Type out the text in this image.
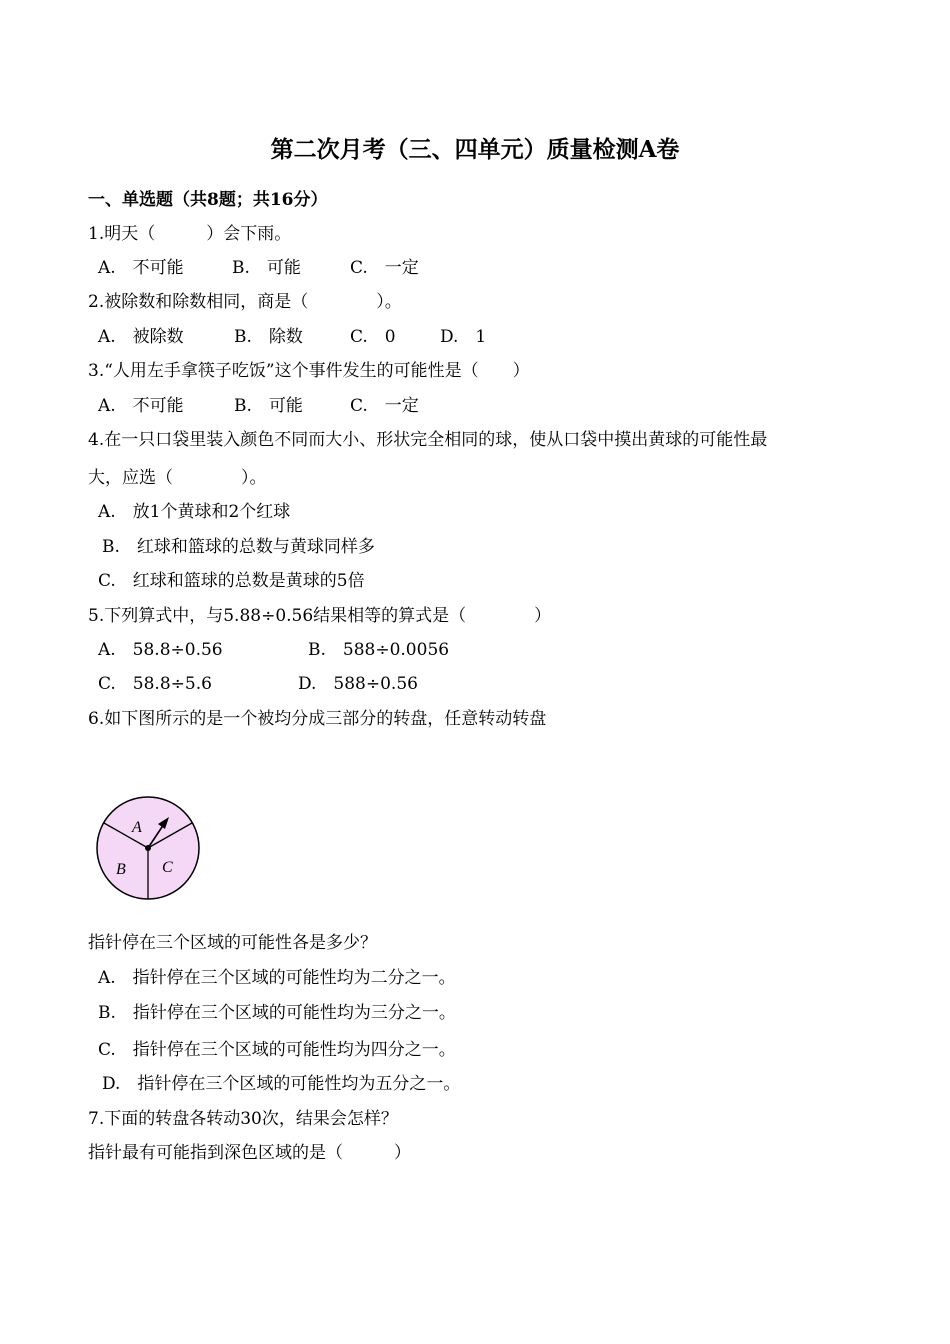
第二次月考（三、四单元）质量检测A卷
一、单选题（共8题；共16分）
1.明天（　　　）会下雨。
A.　不可能	B.　可能	C.　一定
2.被除数和除数相同，商是（　　　　）。
A.　被除数	B.　除数	C.　0	D.　1
3.“人用左手拿筷子吃饭”这个事件发生的可能性是（　　）
A.　不可能	B.　可能	C.　一定
4.在一只口袋里装入颜色不同而大小、形状完全相同的球，使从口袋中摸出黄球的可能性最
大，应选（　　　　）。
A.　放1个黄球和2个红球
B.　红球和篮球的总数与黄球同样多
C.　红球和篮球的总数是黄球的5倍
5.下列算式中，与5.88÷0.56结果相等的算式是（　　　　）
A.　58.8÷0.56	B.　588÷0.0056
C.　58.8÷5.6	D.　588÷0.56
6.如下图所示的是一个被均分成三部分的转盘，任意转动转盘
A
B C
指针停在三个区域的可能性各是多少？
A.　指针停在三个区域的可能性均为二分之一。
B.　指针停在三个区域的可能性均为三分之一。
C.　指针停在三个区域的可能性均为四分之一。
D.　指针停在三个区域的可能性均为五分之一。
7.下面的转盘各转动30次，结果会怎样？
指针最有可能指到深色区域的是（　　　）
